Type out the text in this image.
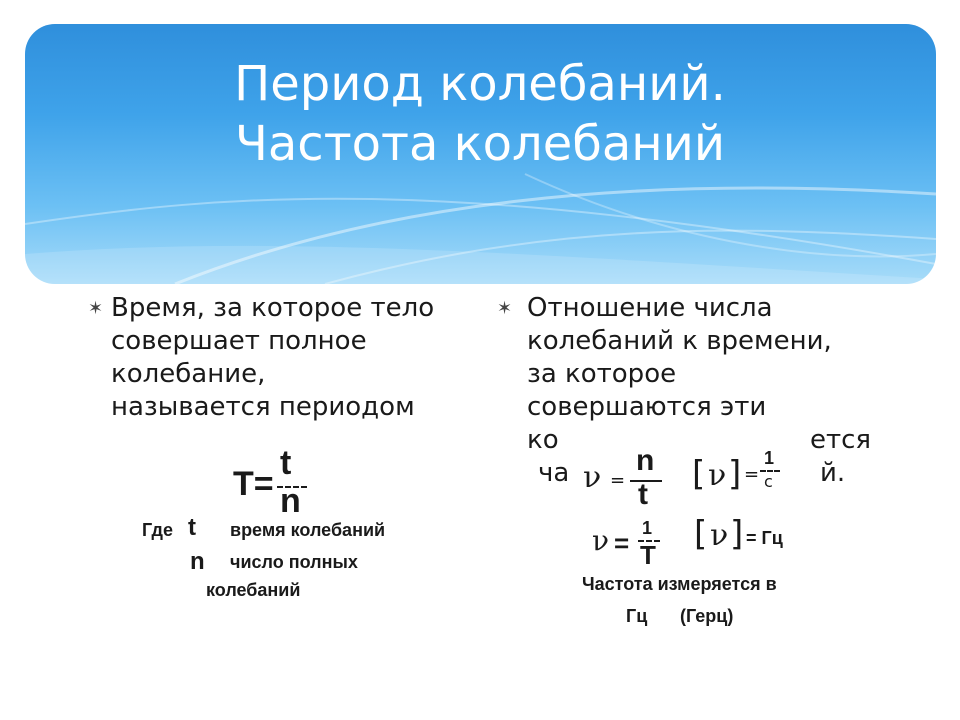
Период колебаний.
Частота колебаний
✶ Время, за которое тело
совершает полное
колебание,
называется периодом
T=
t
n
Где t время колебаний
n число полных
колебаний
✶ Отношение числа
колебаний к времени,
за которое
совершаются эти
ко	ется
ча	й.
ν =
n
t
[ ν ] =
1
с
ν = 1
T
[ ν ] = Гц
Частота измеряется в
Гц (Герц)
